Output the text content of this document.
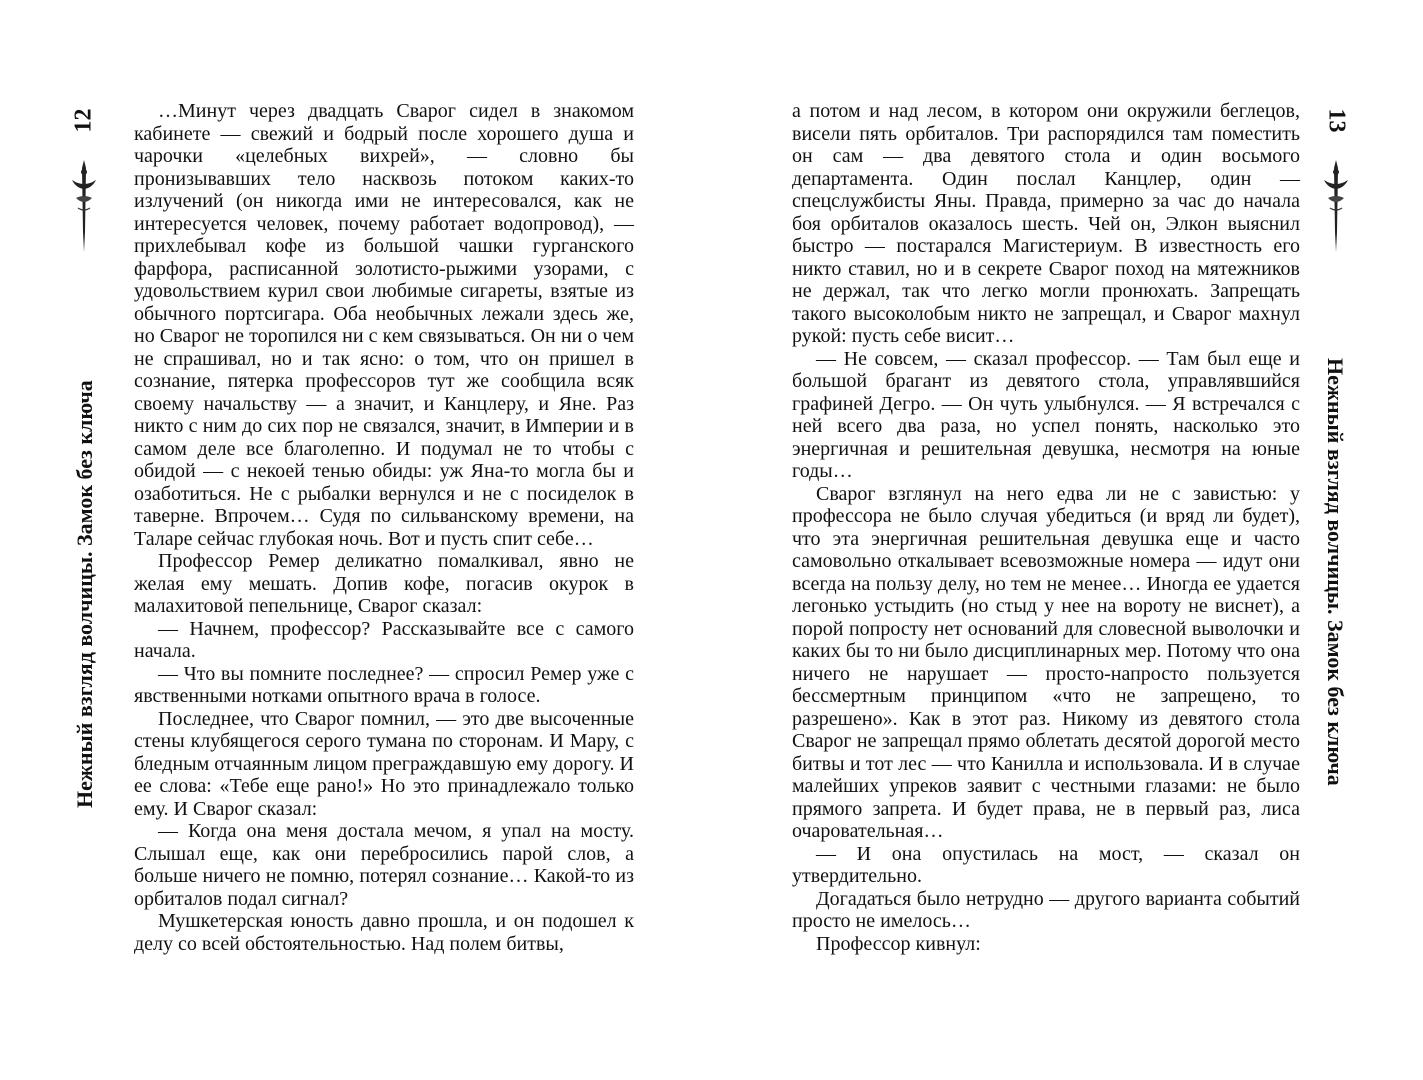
12
Нежный взгляд волчицы. Замок без ключа

…Минут через двадцать Сварог сидел в знакомом кабинете — свежий и бодрый после хорошего душа и чарочки «целебных вихрей», — словно бы пронизывавших тело насквозь потоком каких-то излучений (он никогда ими не интересовался, как не интересуется человек, почему работает водопровод), — прихлебывал кофе из большой чашки гурганского фарфора, расписанной золотисто-рыжими узорами, с удовольствием курил свои любимые сигареты, взятые из обычного портсигара. Оба необычных лежали здесь же, но Сварог не торопился ни с кем связываться. Он ни о чем не спрашивал, но и так ясно: о том, что он пришел в сознание, пятерка профессоров тут же сообщила всяк своему начальству — а значит, и Канцлеру, и Яне. Раз никто с ним до сих пор не связался, значит, в Империи и в самом деле все благолепно. И подумал не то чтобы с обидой — с некоей тенью обиды: уж Яна-то могла бы и озаботиться. Не с рыбалки вернулся и не с посиделок в таверне. Впрочем… Судя по сильванскому времени, на Таларе сейчас глубокая ночь. Вот и пусть спит себе…

Профессор Ремер деликатно помалкивал, явно не желая ему мешать. Допив кофе, погасив окурок в малахитовой пепельнице, Сварог сказал:

— Начнем, профессор? Рассказывайте все с самого начала.

— Что вы помните последнее? — спросил Ремер уже с явственными нотками опытного врача в голосе.

Последнее, что Сварог помнил, — это две высоченные стены клубящегося серого тумана по сторонам. И Мару, с бледным отчаянным лицом преграждавшую ему дорогу. И ее слова: «Тебе еще рано!» Но это принадлежало только ему. И Сварог сказал:

— Когда она меня достала мечом, я упал на мосту. Слышал еще, как они перебросились парой слов, а больше ничего не помню, потерял сознание… Какой-то из орбиталов подал сигнал?

Мушкетерская юность давно прошла, и он подошел к делу со всей обстоятельностью. Над полем битвы,

а потом и над лесом, в котором они окружили беглецов, висели пять орбиталов. Три распорядился там поместить он сам — два девятого стола и один восьмого департамента. Один послал Канцлер, один — спецслужбисты Яны. Правда, примерно за час до начала боя орбиталов оказалось шесть. Чей он, Элкон выяснил быстро — постарался Магистериум. В известность его никто ставил, но и в секрете Сварог поход на мятежников не держал, так что легко могли пронюхать. Запрещать такого высоколобым никто не запрещал, и Сварог махнул рукой: пусть себе висит…

— Не совсем, — сказал профессор. — Там был еще и большой брагант из девятого стола, управлявшийся графиней Дегро. — Он чуть улыбнулся. — Я встречался с ней всего два раза, но успел понять, насколько это энергичная и решительная девушка, несмотря на юные годы…

Сварог взглянул на него едва ли не с завистью: у профессора не было случая убедиться (и вряд ли будет), что эта энергичная решительная девушка еще и часто самовольно откалывает всевозможные номера — идут они всегда на пользу делу, но тем не менее… Иногда ее удается легонько устыдить (но стыд у нее на вороту не виснет), а порой попросту нет оснований для словесной выволочки и каких бы то ни было дисциплинарных мер. Потому что она ничего не нарушает — просто-напросто пользуется бессмертным принципом «что не запрещено, то разрешено». Как в этот раз. Никому из девятого стола Сварог не запрещал прямо облетать десятой дорогой место битвы и тот лес — что Канилла и использовала. И в случае малейших упреков заявит с честными глазами: не было прямого запрета. И будет права, не в первый раз, лиса очаровательная…

— И она опустилась на мост, — сказал он утвердительно.

Догадаться было нетрудно — другого варианта событий просто не имелось…

Профессор кивнул:

13
Нежный взгляд волчицы. Замок без ключа
